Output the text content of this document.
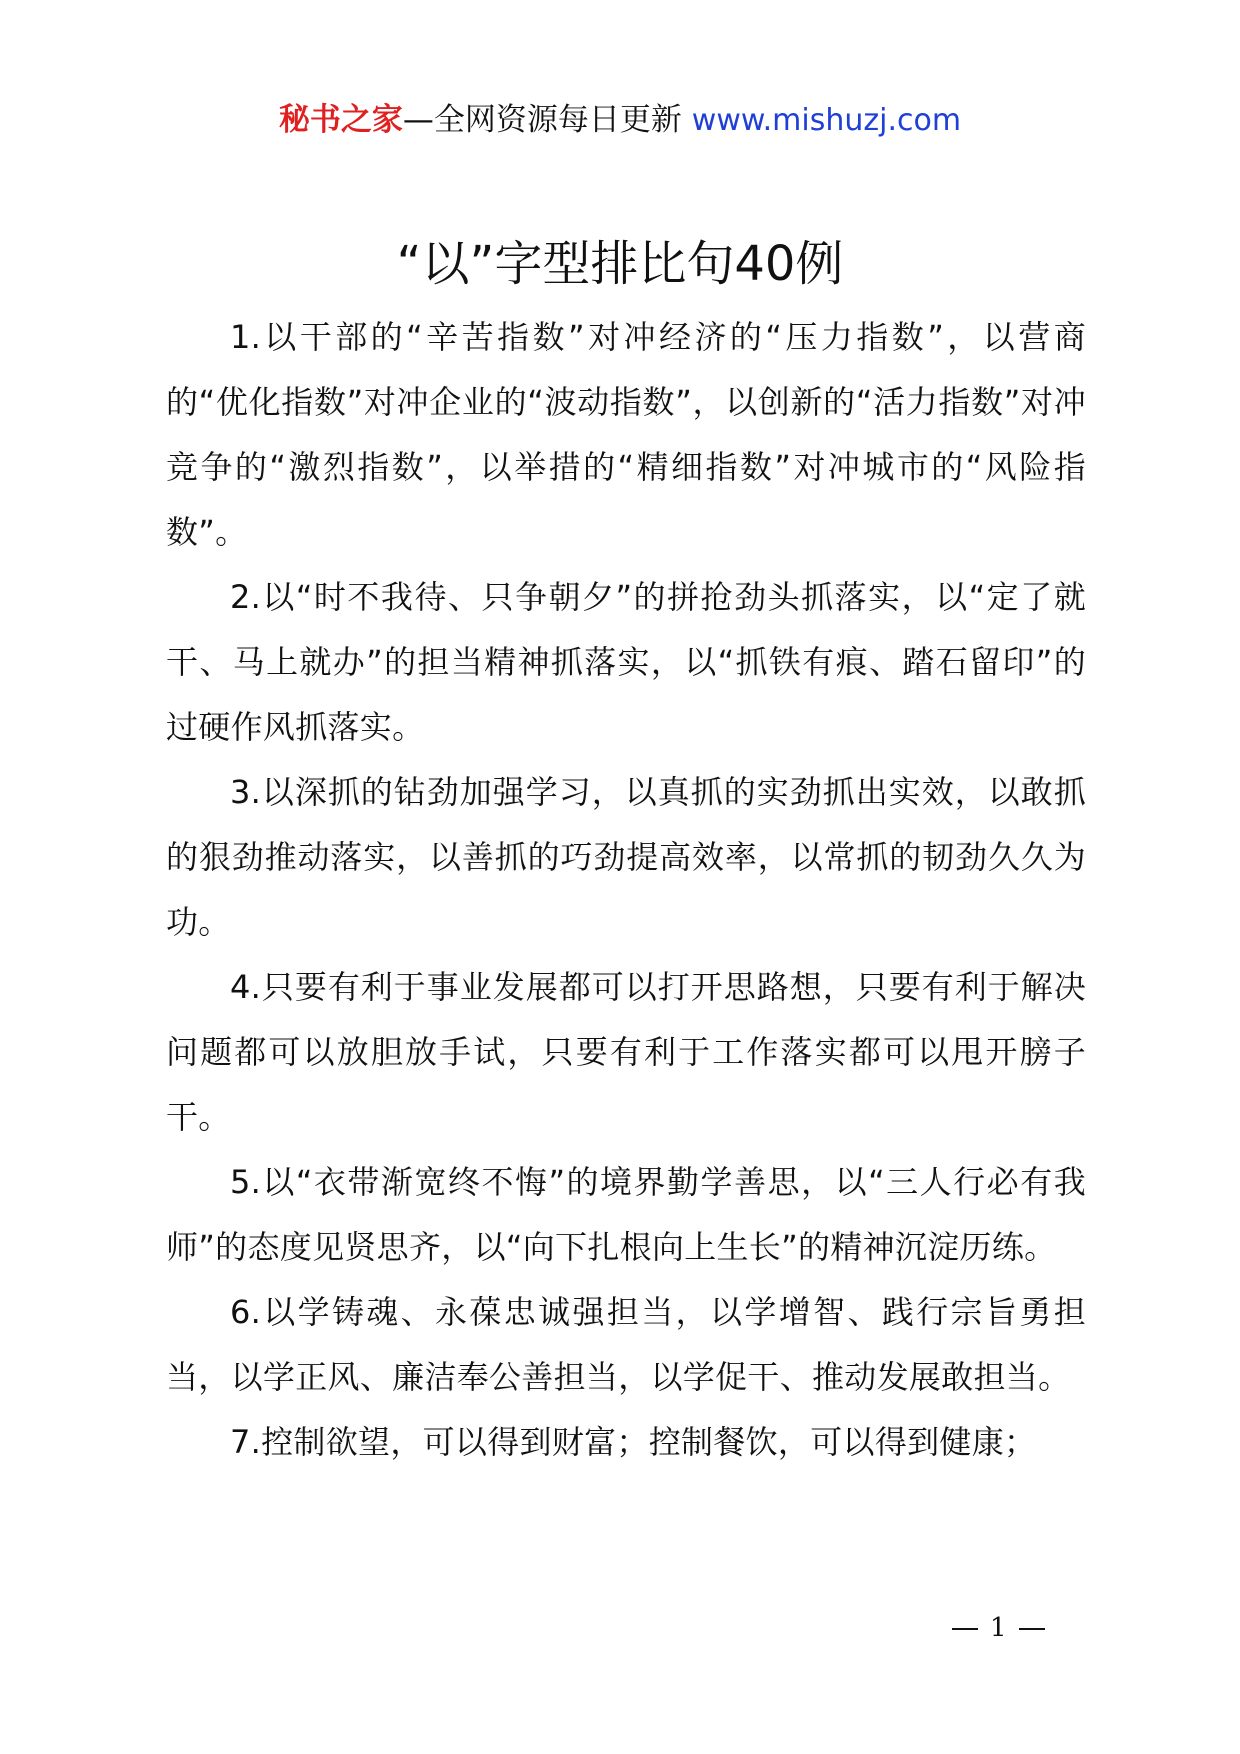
秘书之家—全网资源每日更新 www.mishuzj.com
“以”字型排比句40例

1.以干部的“辛苦指数”对冲经济的“压力指数”，以营商的“优化指数”对冲企业的“波动指数”，以创新的“活力指数”对冲竞争的“激烈指数”，以举措的“精细指数”对冲城市的“风险指数”。

2.以“时不我待、只争朝夕”的拼抢劲头抓落实，以“定了就干、马上就办”的担当精神抓落实，以“抓铁有痕、踏石留印”的过硬作风抓落实。

3.以深抓的钻劲加强学习，以真抓的实劲抓出实效，以敢抓的狠劲推动落实，以善抓的巧劲提高效率，以常抓的韧劲久久为功。

4.只要有利于事业发展都可以打开思路想，只要有利于解决问题都可以放胆放手试，只要有利于工作落实都可以甩开膀子干。

5.以“衣带渐宽终不悔”的境界勤学善思，以“三人行必有我师”的态度见贤思齐，以“向下扎根向上生长”的精神沉淀历练。

6.以学铸魂、永葆忠诚强担当，以学增智、践行宗旨勇担当，以学正风、廉洁奉公善担当，以学促干、推动发展敢担当。

7.控制欲望，可以得到财富；控制餐饮，可以得到健康；

1
